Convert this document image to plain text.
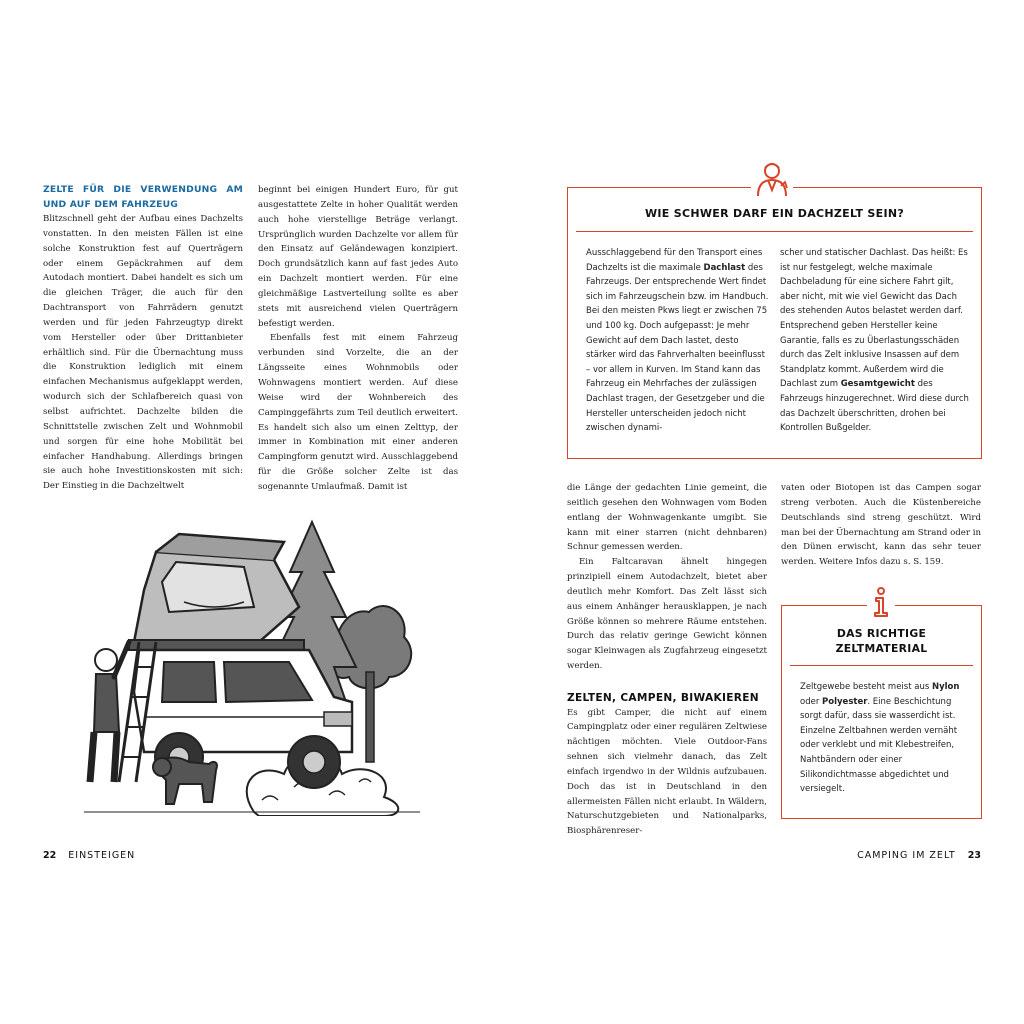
ZELTE FÜR DIE VERWENDUNG AM UND AUF DEM FAHRZEUG

Blitzschnell geht der Aufbau eines Dachzelts vonstatten. In den meisten Fällen ist eine solche Konstruktion fest auf Querträgern oder einem Gepäckrahmen auf dem Autodach montiert. Dabei handelt es sich um die gleichen Träger, die auch für den Dachtransport von Fahrrädern genutzt werden und für jeden Fahrzeugtyp direkt vom Hersteller oder über Drittanbieter erhältlich sind. Für die Übernachtung muss die Konstruktion lediglich mit einem einfachen Mechanismus aufgeklappt werden, wodurch sich der Schlafbereich quasi von selbst aufrichtet. Dachzelte bilden die Schnittstelle zwischen Zelt und Wohnmobil und sorgen für eine hohe Mobilität bei einfacher Handhabung. Allerdings bringen sie auch hohe Investitionskosten mit sich: Der Einstieg in die Dachzeltwelt

beginnt bei einigen Hundert Euro, für gut ausgestattete Zelte in hoher Qualität werden auch hohe vierstellige Beträge verlangt. Ursprünglich wurden Dachzelte vor allem für den Einsatz auf Geländewagen konzipiert. Doch grundsätzlich kann auf fast jedes Auto ein Dachzelt montiert werden. Für eine gleichmäßige Lastverteilung sollte es aber stets mit ausreichend vielen Querträgern befestigt werden.

Ebenfalls fest mit einem Fahrzeug verbunden sind Vorzelte, die an der Längsseite eines Wohnmobils oder Wohnwagens montiert werden. Auf diese Weise wird der Wohnbereich des Campinggefährts zum Teil deutlich erweitert. Es handelt sich also um einen Zelttyp, der immer in Kombination mit einer anderen Campingform genutzt wird. Ausschlaggebend für die Größe solcher Zelte ist das sogenannte Umlaufmaß. Damit ist

22 EINSTEIGEN
WIE SCHWER DARF EIN DACHZELT SEIN?

Ausschlaggebend für den Transport eines Dachzelts ist die maximale Dachlast des Fahrzeugs. Der entsprechende Wert findet sich im Fahrzeugschein bzw. im Handbuch. Bei den meisten Pkws liegt er zwischen 75 und 100 kg. Doch aufgepasst: Je mehr Gewicht auf dem Dach lastet, desto stärker wird das Fahrverhalten beeinflusst – vor allem in Kurven. Im Stand kann das Fahrzeug ein Mehrfaches der zulässigen Dachlast tragen, der Gesetzgeber und die Hersteller unterscheiden jedoch nicht zwischen dynami-

scher und statischer Dachlast. Das heißt: Es ist nur festgelegt, welche maximale Dachbeladung für eine sichere Fahrt gilt, aber nicht, mit wie viel Gewicht das Dach des stehenden Autos belastet werden darf. Entsprechend geben Hersteller keine Garantie, falls es zu Überlastungsschäden durch das Zelt inklusive Insassen auf dem Standplatz kommt. Außerdem wird die Dachlast zum Gesamtgewicht des Fahrzeugs hinzugerechnet. Wird diese durch das Dachzelt überschritten, drohen bei Kontrollen Bußgelder.

die Länge der gedachten Linie gemeint, die seitlich gesehen den Wohnwagen vom Boden entlang der Wohnwagenkante umgibt. Sie kann mit einer starren (nicht dehnbaren) Schnur gemessen werden.

Ein Faltcaravan ähnelt hingegen prinzipiell einem Autodachzelt, bietet aber deutlich mehr Komfort. Das Zelt lässt sich aus einem Anhänger herausklappen, je nach Größe können so mehrere Räume entstehen. Durch das relativ geringe Gewicht können sogar Kleinwagen als Zugfahrzeug eingesetzt werden.

ZELTEN, CAMPEN, BIWAKIEREN

Es gibt Camper, die nicht auf einem Campingplatz oder einer regulären Zeltwiese nächtigen möchten. Viele Outdoor-Fans sehnen sich vielmehr danach, das Zelt einfach irgendwo in der Wildnis aufzubauen. Doch das ist in Deutschland in den allermeisten Fällen nicht erlaubt. In Wäldern, Naturschutzgebieten und Nationalparks, Biosphärenreser-

vaten oder Biotopen ist das Campen sogar streng verboten. Auch die Küstenbereiche Deutschlands sind streng geschützt. Wird man bei der Übernachtung am Strand oder in den Dünen erwischt, kann das sehr teuer werden. Weitere Infos dazu s. S. 159.

DAS RICHTIGE
ZELTMATERIAL

Zeltgewebe besteht meist aus Nylon oder Polyester. Eine Beschichtung sorgt dafür, dass sie wasserdicht ist. Einzelne Zeltbahnen werden vernäht oder verklebt und mit Klebestreifen, Nahtbändern oder einer Silikondichtmasse abgedichtet und versiegelt.

CAMPING IM ZELT 23
